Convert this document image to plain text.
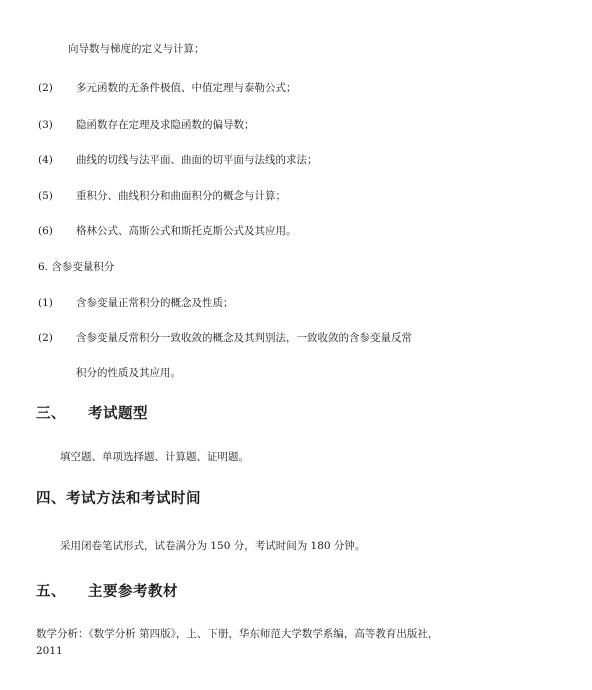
向导数与梯度的定义与计算；
(2) 多元函数的无条件极值、中值定理与泰勒公式；
(3) 隐函数存在定理及求隐函数的偏导数；
(4) 曲线的切线与法平面、曲面的切平面与法线的求法；
(5) 重积分、曲线积分和曲面积分的概念与计算；
(6) 格林公式、高斯公式和斯托克斯公式及其应用。
6. 含参变量积分
(1) 含参变量正常积分的概念及性质；
(2) 含参变量反常积分一致收敛的概念及其判别法，一致收敛的含参变量反常
积分的性质及其应用。
三、 考试题型
填空题、单项选择题、计算题、证明题。
四、考试方法和考试时间
采用闭卷笔试形式，试卷满分为 150 分，考试时间为 180 分钟。
五、 主要参考教材
数学分析：《数学分析 第四版》，上、下册，华东师范大学数学系编，高等教育出版社，
2011
